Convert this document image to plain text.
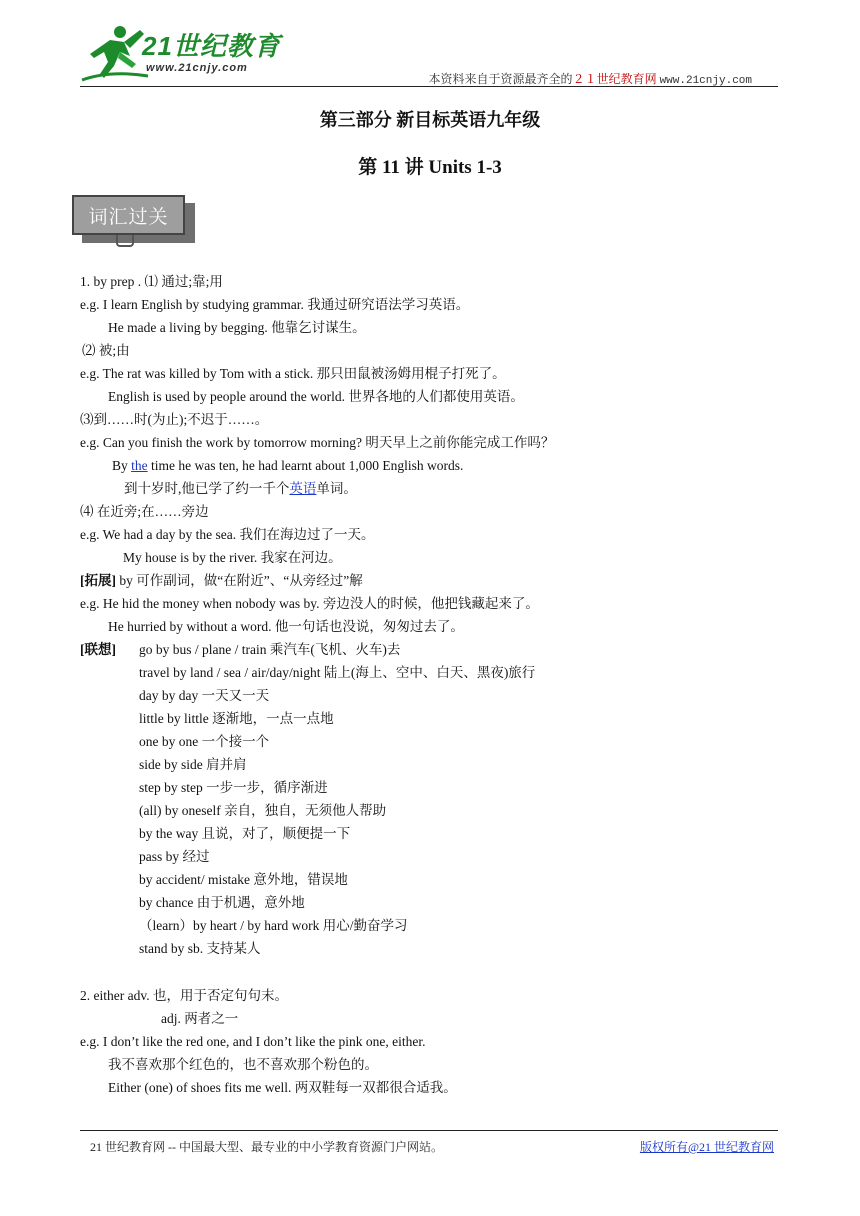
21世纪教育
www.21cnjy.com
本资料来自于资源最齐全的２１世纪教育网 www.21cnjy.com
第三部分 新目标英语九年级
第 11 讲 Units 1-3
词汇过关
1. by prep . ⑴ 通过;靠;用
e.g. I learn English by studying grammar. 我通过研究语法学习英语。
He made a living by begging. 他靠乞讨谋生。
⑵ 被;由
e.g. The rat was killed by Tom with a stick. 那只田鼠被汤姆用棍子打死了。
English is used by people around the world. 世界各地的人们都使用英语。
⑶到……时(为止);不迟于……。
e.g. Can you finish the work by tomorrow morning? 明天早上之前你能完成工作吗？
By the time he was ten, he had learnt about 1,000 English words.
到十岁时,他已学了约一千个英语单词。
⑷ 在近旁;在……旁边
e.g. We had a day by the sea. 我们在海边过了一天。
My house is by the river. 我家在河边。
[拓展] by 可作副词，做“在附近”、“从旁经过”解
e.g. He hid the money when nobody was by. 旁边没人的时候，他把钱藏起来了。
He hurried by without a word. 他一句话也没说，匆匆过去了。
[联想] go by bus / plane / train 乘汽车(飞机、火车)去
travel by land / sea / air/day/night 陆上(海上、空中、白天、黑夜)旅行
day by day 一天又一天
little by little 逐渐地，一点一点地
one by one 一个接一个
side by side 肩并肩
step by step 一步一步，循序渐进
(all) by oneself 亲自，独自，无须他人帮助
by the way 且说，对了，顺便提一下
pass by 经过
by accident/ mistake 意外地，错误地
by chance 由于机遇，意外地
（learn）by heart / by hard work 用心/勤奋学习
stand by sb. 支持某人
2. either adv. 也，用于否定句句末。
adj. 两者之一
e.g. I don’t like the red one, and I don’t like the pink one, either.
我不喜欢那个红色的，也不喜欢那个粉色的。
Either (one) of shoes fits me well. 两双鞋每一双都很合适我。
21 世纪教育网 -- 中国最大型、最专业的中小学教育资源门户网站。	版权所有@21 世纪教育网
